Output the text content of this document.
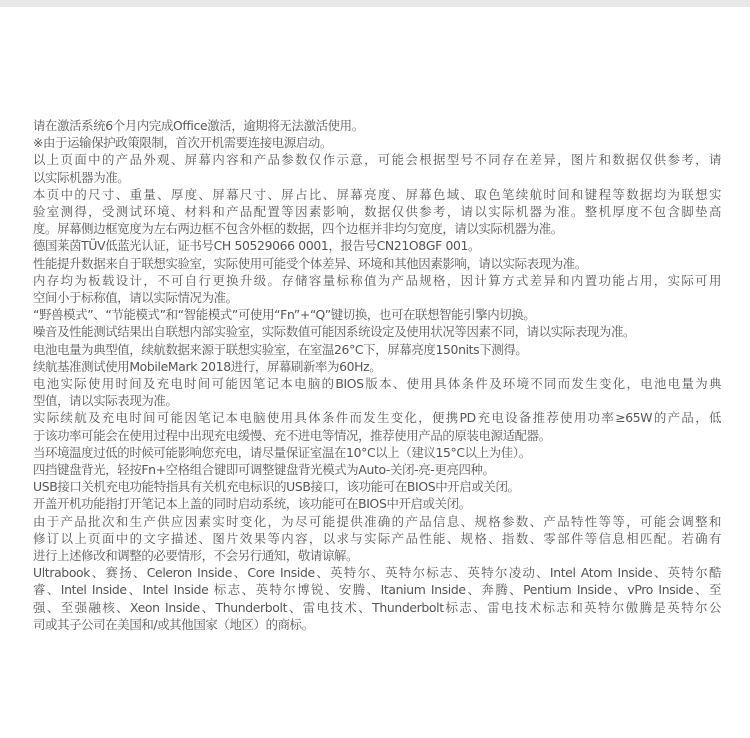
请在激活系统6个月内完成Office激活，逾期将无法激活使用。
※由于运输保护政策限制，首次开机需要连接电源启动。
以上页面中的产品外观、屏幕内容和产品参数仅作示意，可能会根据型号不同存在差异，图片和数据仅供参考，请
以实际机器为准。
本页中的尺寸、重量、厚度、屏幕尺寸、屏占比、屏幕亮度、屏幕色域、取色笔续航时间和键程等数据均为联想实
验室测得，受测试环境、材料和产品配置等因素影响，数据仅供参考，请以实际机器为准。整机厚度不包含脚垫高
度。屏幕侧边框宽度为左右两边框不包含外框的数据，四个边框并非均匀宽度，请以实际机器为准。
德国莱茵TÜV低蓝光认证，证书号CH 50529066 0001，报告号CN21O8GF 001。
性能提升数据来自于联想实验室，实际使用可能受个体差异、环境和其他因素影响，请以实际表现为准。
内存均为板载设计，不可自行更换升级。存储容量标称值为产品规格，因计算方式差异和内置功能占用，实际可用
空间小于标称值，请以实际情况为准。
“野兽模式”、“节能模式”和“智能模式”可使用“Fn”+“Q”键切换，也可在联想智能引擎内切换。
噪音及性能测试结果出自联想内部实验室，实际数值可能因系统设定及使用状况等因素不同，请以实际表现为准。
电池电量为典型值，续航数据来源于联想实验室，在室温26°C下，屏幕亮度150nits下测得。
续航基准测试使用MobileMark 2018进行，屏幕刷新率为60Hz。
电池实际使用时间及充电时间可能因笔记本电脑的BIOS版本、使用具体条件及环境不同而发生变化，电池电量为典
型值，请以实际表现为准。
实际续航及充电时间可能因笔记本电脑使用具体条件而发生变化，便携PD充电设备推荐使用功率≥65W的产品，低
于该功率可能会在使用过程中出现充电缓慢、充不进电等情况，推荐使用产品的原装电源适配器。
当环境温度过低的时候可能影响您充电，请尽量保证室温在10°C以上（建议15°C以上为佳）。
四挡键盘背光，轻按Fn+空格组合键即可调整键盘背光模式为Auto-关闭-亮-更亮四种。
USB接口关机充电功能特指具有关机充电标识的USB接口，该功能可在BIOS中开启或关闭。
开盖开机功能指打开笔记本上盖的同时启动系统，该功能可在BIOS中开启或关闭。
由于产品批次和生产供应因素实时变化，为尽可能提供准确的产品信息、规格参数、产品特性等等，可能会调整和
修订以上页面中的文字描述、图片效果等内容，以求与实际产品性能、规格、指数、零部件等信息相匹配。若确有
进行上述修改和调整的必要情形，不会另行通知，敬请谅解。
Ultrabook、赛扬、Celeron Inside、Core Inside、英特尔、英特尔标志、英特尔凌动、Intel Atom Inside、英特尔酷
睿、Intel Inside、Intel Inside 标志、英特尔博锐、安腾、Itanium Inside、奔腾、Pentium Inside、vPro Inside、至
强、至强融核、Xeon Inside、Thunderbolt、雷电技术、Thunderbolt标志、雷电技术标志和英特尔傲腾是英特尔公
司或其子公司在美国和/或其他国家（地区）的商标。
